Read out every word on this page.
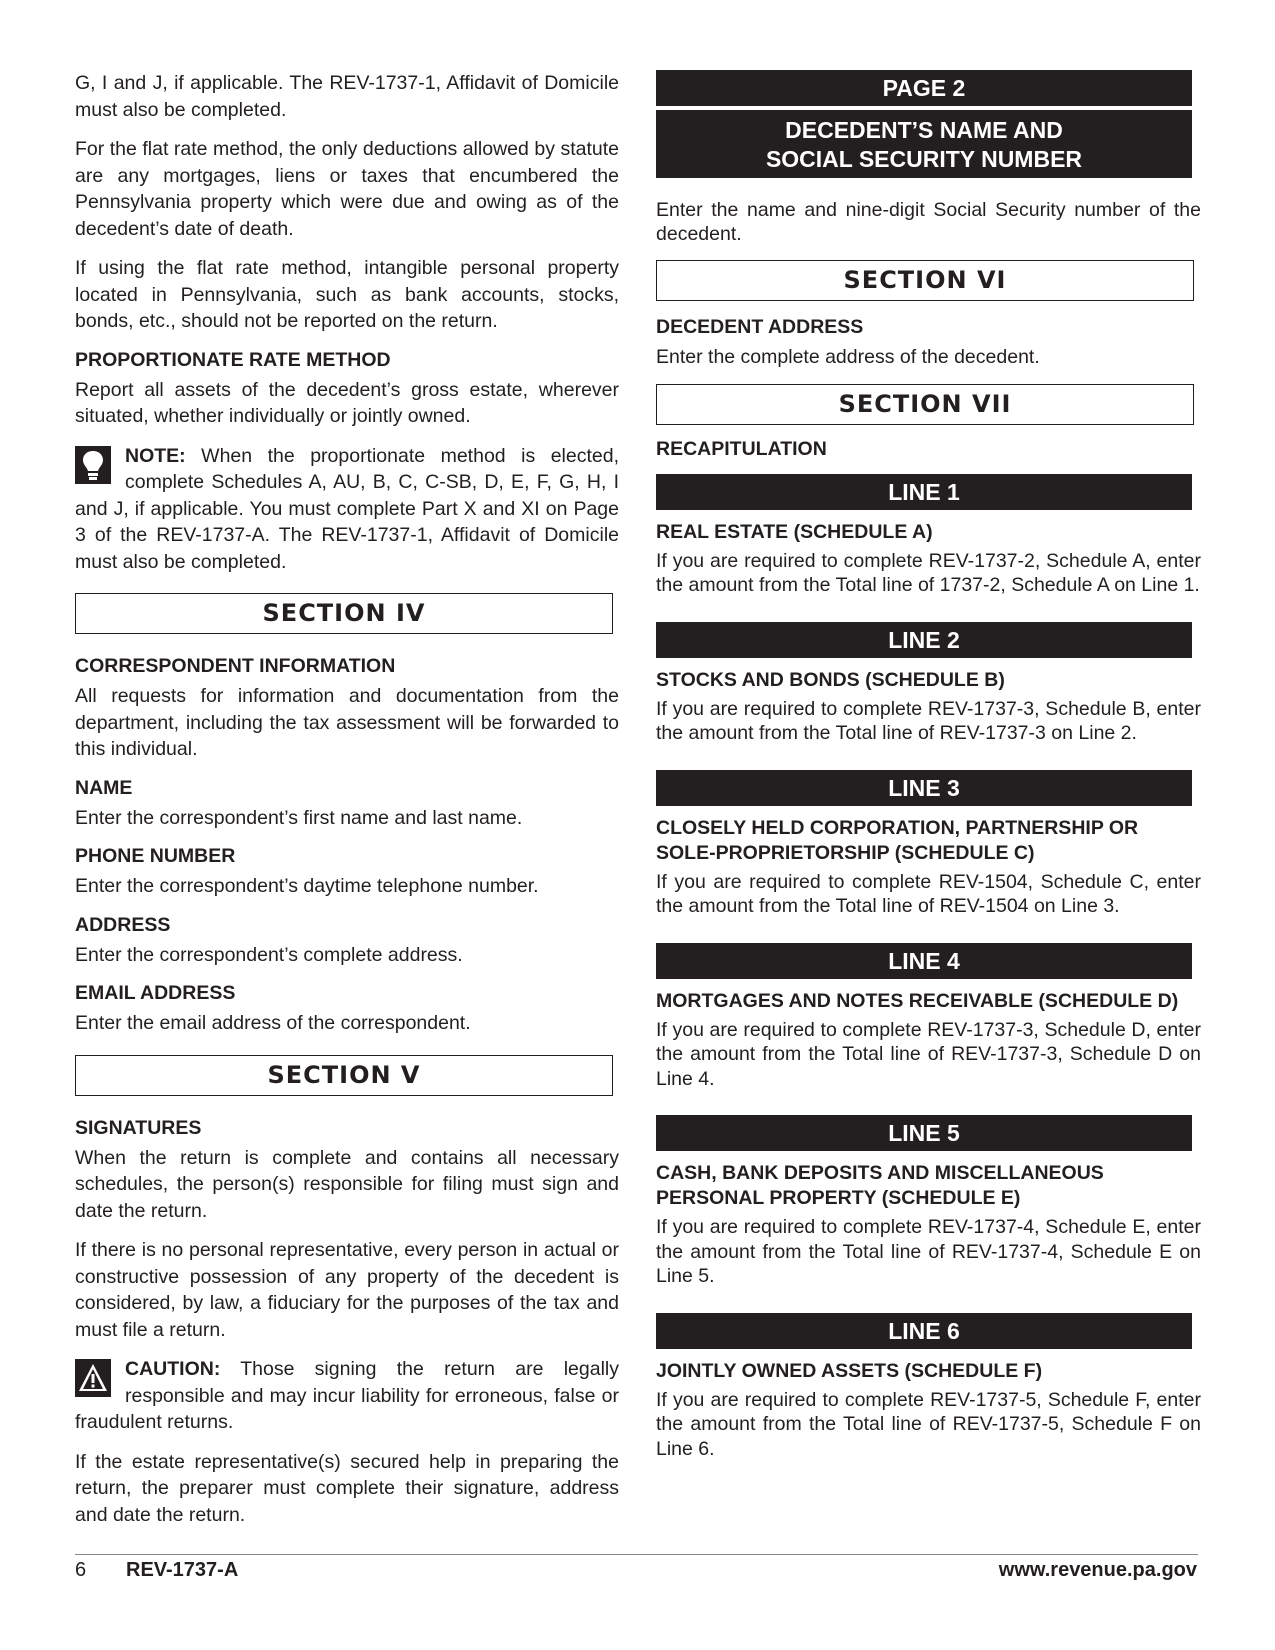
G, I and J, if applicable. The REV-1737-1, Affidavit of Domicile must also be completed.

For the flat rate method, the only deductions allowed by statute are any mortgages, liens or taxes that encumbered the Pennsylvania property which were due and owing as of the decedent’s date of death.

If using the flat rate method, intangible personal property located in Pennsylvania, such as bank accounts, stocks, bonds, etc., should not be reported on the return.

PROPORTIONATE RATE METHOD

Report all assets of the decedent’s gross estate, wherever situated, whether individually or jointly owned.

NOTE: When the proportionate method is elected, complete Schedules A, AU, B, C, C-SB, D, E, F, G, H, I and J, if applicable. You must complete Part X and XI on Page 3 of the REV-1737-A. The REV-1737-1, Affidavit of Domicile must also be completed.

SECTION IV
CORRESPONDENT INFORMATION

All requests for information and documentation from the department, including the tax assessment will be forwarded to this individual.

NAME

Enter the correspondent’s first name and last name.

PHONE NUMBER

Enter the correspondent’s daytime telephone number.

ADDRESS

Enter the correspondent’s complete address.

EMAIL ADDRESS

Enter the email address of the correspondent.

SECTION V
SIGNATURES

When the return is complete and contains all necessary schedules, the person(s) responsible for filing must sign and date the return.

If there is no personal representative, every person in actual or constructive possession of any property of the decedent is considered, by law, a fiduciary for the purposes of the tax and must file a return.

CAUTION: Those signing the return are legally responsible and may incur liability for erroneous, false or fraudulent returns.

If the estate representative(s) secured help in preparing the return, the preparer must complete their signature, address and date the return.

PAGE 2
DECEDENT’S NAME AND
SOCIAL SECURITY NUMBER

Enter the name and nine-digit Social Security number of the decedent.

SECTION VI
DECEDENT ADDRESS

Enter the complete address of the decedent.

SECTION VII
RECAPITULATION
LINE 1
REAL ESTATE (SCHEDULE A)

If you are required to complete REV-1737-2, Schedule A, enter the amount from the Total line of 1737-2, Schedule A on Line 1.

LINE 2
STOCKS AND BONDS (SCHEDULE B)

If you are required to complete REV-1737-3, Schedule B, enter the amount from the Total line of REV-1737-3 on Line 2.

LINE 3
CLOSELY HELD CORPORATION, PARTNERSHIP OR SOLE-PROPRIETORSHIP (SCHEDULE C)

If you are required to complete REV-1504, Schedule C, enter the amount from the Total line of REV-1504 on Line 3.

LINE 4
MORTGAGES AND NOTES RECEIVABLE (SCHEDULE D)

If you are required to complete REV-1737-3, Schedule D, enter the amount from the Total line of REV-1737-3, Schedule D on Line 4.

LINE 5
CASH, BANK DEPOSITS AND MISCELLANEOUS PERSONAL PROPERTY (SCHEDULE E)

If you are required to complete REV-1737-4, Schedule E, enter the amount from the Total line of REV-1737-4, Schedule E on Line 5.

LINE 6
JOINTLY OWNED ASSETS (SCHEDULE F)

If you are required to complete REV-1737-5, Schedule F, enter the amount from the Total line of REV-1737-5, Schedule F on Line 6.

6 REV-1737-A	www.revenue.pa.gov
